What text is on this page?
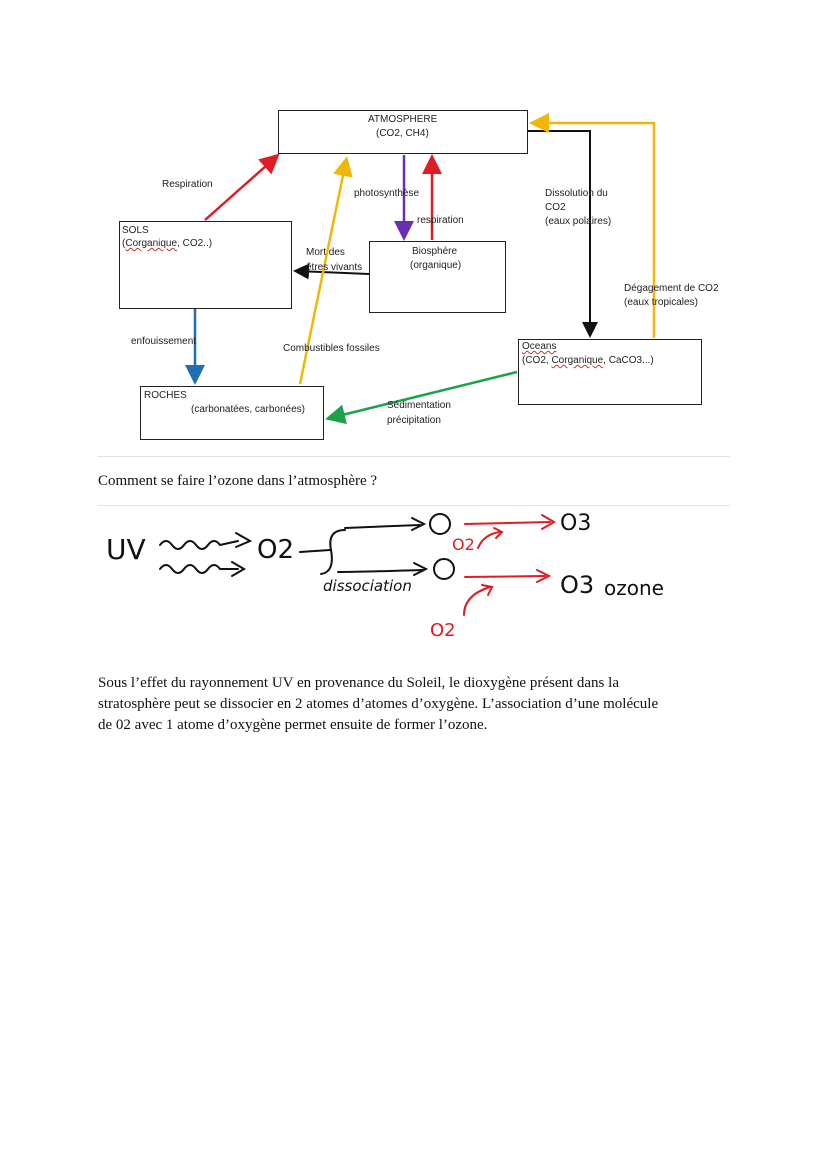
ATMOSPHERE
(CO2, CH4)
SOLS
(Corganique, CO2..)
Biosphère
(organique)
Oceans
(CO2, Corganique, CaCO3...)
ROCHES
(carbonatées, carbonées)
Respiration
photosynthèse
respiration
Dissolution du
CO2
(eaux polaires)
Mort des
êtres vivants
Dégagement de CO2
(eaux tropicales)
enfouissement
Combustibles fossiles
Sédimentation
précipitation
Comment se faire l’ozone dans l’atmosphère ?
UV	O2
O3
O2
dissociation	O3 ozone
O2
Sous l’effet du rayonnement UV en provenance du Soleil, le dioxygène présent dans la
stratosphère peut se dissocier en 2 atomes d’atomes d’oxygène. L’association d’une molécule
de 02 avec 1 atome d’oxygène permet ensuite de former l’ozone.
